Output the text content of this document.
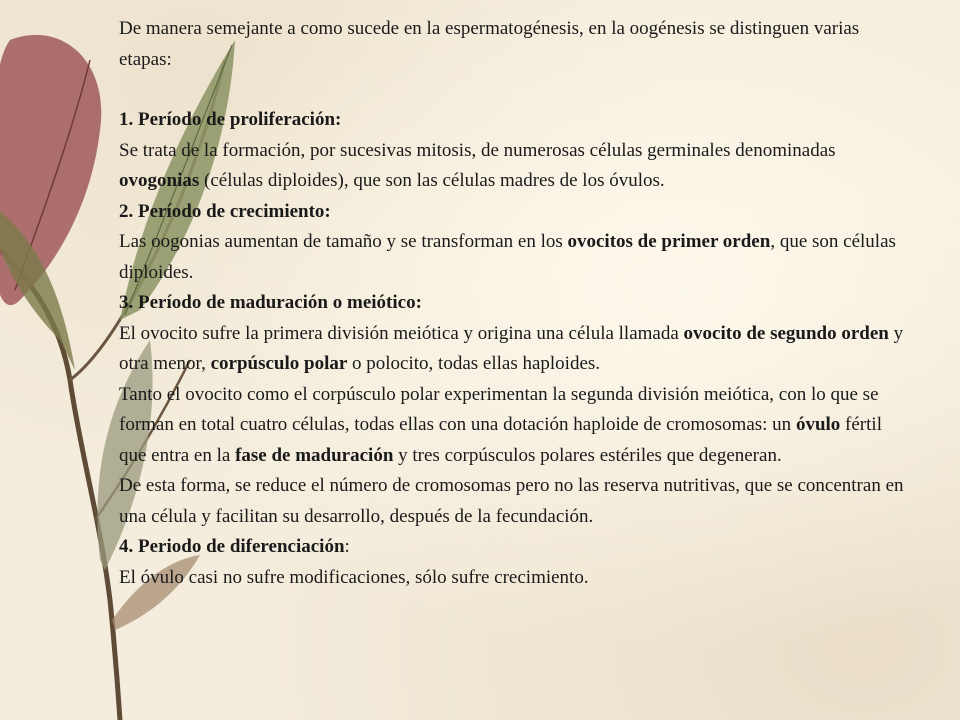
De manera semejante a como sucede en la espermatogénesis, en la oogénesis se distinguen varias etapas:

1. Período de proliferación:

Se trata de la formación, por sucesivas mitosis, de numerosas células germinales denominadas ovogonias (células diploides), que son las células madres de los óvulos.

2. Período de crecimiento:

Las oogonias aumentan de tamaño y se transforman en los ovocitos de primer orden, que son células diploides.

3. Período de maduración o meiótico:

El ovocito sufre la primera división meiótica y origina una célula llamada ovocito de segundo orden y otra menor, corpúsculo polar o polocito, todas ellas haploides.

Tanto el ovocito como el corpúsculo polar experimentan la segunda división meiótica, con lo que se forman en total cuatro células, todas ellas con una dotación haploide de cromosomas: un óvulo fértil  que entra en la fase de maduración y tres corpúsculos polares estériles que degeneran.

De esta forma, se reduce el número de cromosomas pero no las reserva nutritivas, que se concentran en una célula y facilitan su desarrollo, después de la fecundación.

4. Periodo de diferenciación:

El óvulo casi no sufre modificaciones, sólo sufre crecimiento.
